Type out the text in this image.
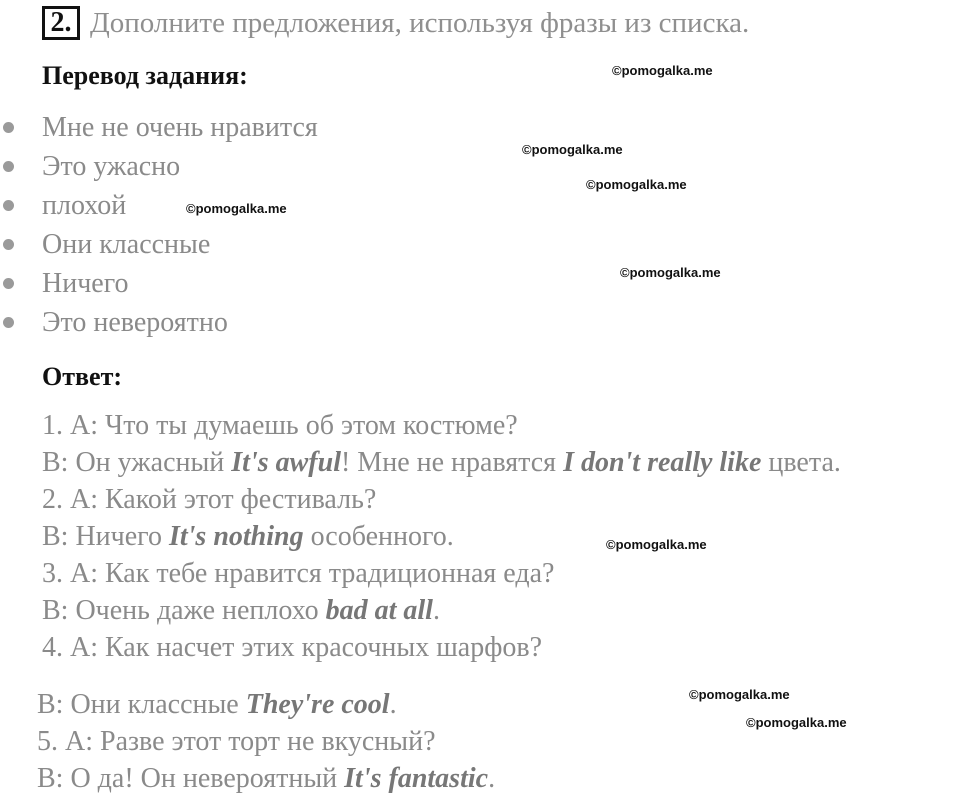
2. Дополните предложения, используя фразы из списка.
Перевод задания:
Мне не очень нравится
Это ужасно
плохой
Они классные
Ничего
Это невероятно
Ответ:
1. А: Что ты думаешь об этом костюме?
В: Он ужасный It's awful! Мне не нравятся I don't really like цвета.
2. А: Какой этот фестиваль?
В: Ничего It's nothing особенного.
3. А: Как тебе нравится традиционная еда?
В: Очень даже неплохо bad at all.
4. А: Как насчет этих красочных шарфов?
В: Они классные They're cool.
5. А: Разве этот торт не вкусный?
В: О да! Он невероятный It's fantastic.
©pomogalka.me
©pomogalka.me
©pomogalka.me
©pomogalka.me
©pomogalka.me
©pomogalka.me
©pomogalka.me
©pomogalka.me
